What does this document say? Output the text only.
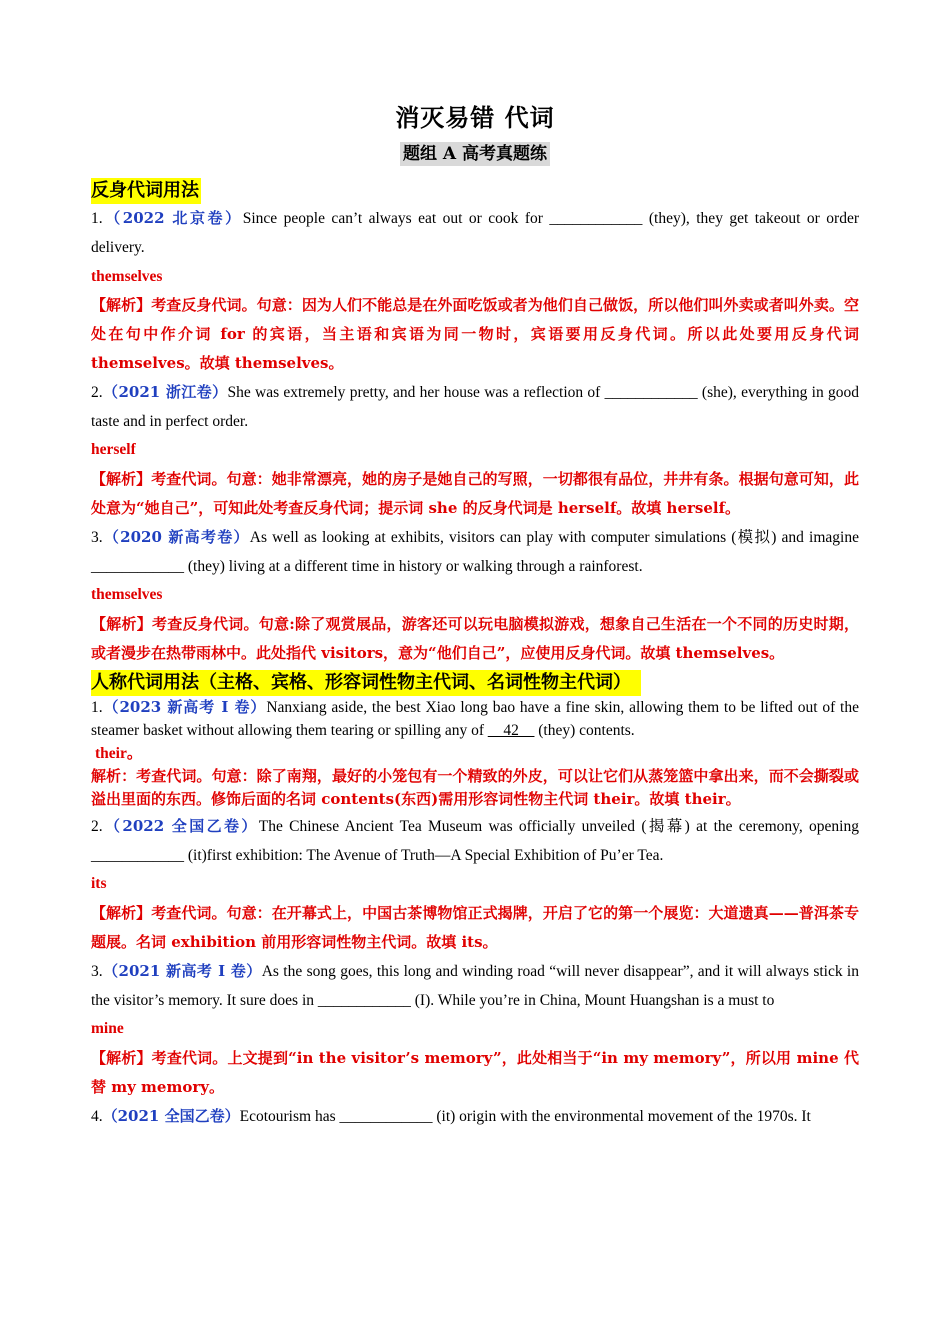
消灭易错 代词
题组 A 高考真题练
反身代词用法

1.（2022 北京卷）Since people can’t always eat out or cook for ____________ (they), they get takeout or order delivery.

themselves

【解析】考查反身代词。句意：因为人们不能总是在外面吃饭或者为他们自己做饭，所以他们叫外卖或者叫外卖。空处在句中作介词 for 的宾语，当主语和宾语为同一物时，宾语要用反身代词。所以此处要用反身代词 themselves。故填 themselves。

2.（2021 浙江卷）She was extremely pretty, and her house was a reflection of ____________ (she), everything in good taste and in perfect order.

herself

【解析】考查代词。句意：她非常漂亮，她的房子是她自己的写照，一切都很有品位，井井有条。根据句意可知，此处意为“她自己”，可知此处考查反身代词；提示词 she 的反身代词是 herself。故填 herself。

3.（2020 新高考卷）As well as looking at exhibits, visitors can play with computer simulations (模拟) and imagine ____________ (they) living at a different time in history or walking through a rainforest.

themselves

【解析】考查反身代词。句意:除了观赏展品，游客还可以玩电脑模拟游戏，想象自己生活在一个不同的历史时期，或者漫步在热带雨林中。此处指代 visitors，意为“他们自己”，应使用反身代词。故填 themselves。

人称代词用法（主格、宾格、形容词性物主代词、名词性物主代词）

1.（2023 新高考 I 卷）Nanxiang aside, the best Xiao long bao have a fine skin, allowing them to be lifted out of the steamer basket without allowing them tearing or spilling any of __42__ (they) contents.

their。

解析：考查代词。句意：除了南翔，最好的小笼包有一个精致的外皮，可以让它们从蒸笼篮中拿出来，而不会撕裂或溢出里面的东西。修饰后面的名词 contents(东西)需用形容词性物主代词 their。故填 their。

2.（2022 全国乙卷）The Chinese Ancient Tea Museum was officially unveiled (揭幕) at the ceremony, opening ____________ (it)first exhibition: The Avenue of Truth—A Special Exhibition of Pu’er Tea.

its

【解析】考查代词。句意：在开幕式上，中国古茶博物馆正式揭牌，开启了它的第一个展览：大道遗真——普洱茶专题展。名词 exhibition 前用形容词性物主代词。故填 its。

3.（2021 新高考 I 卷）As the song goes, this long and winding road “will never disappear”, and it will always stick in the visitor’s memory. It sure does in ____________ (I). While you’re in China, Mount Huangshan is a must to

mine

【解析】考查代词。上文提到“in the visitor’s memory”，此处相当于“in my memory”，所以用 mine 代替 my memory。

4.（2021 全国乙卷）Ecotourism has ____________ (it) origin with the environmental movement of the 1970s. It
